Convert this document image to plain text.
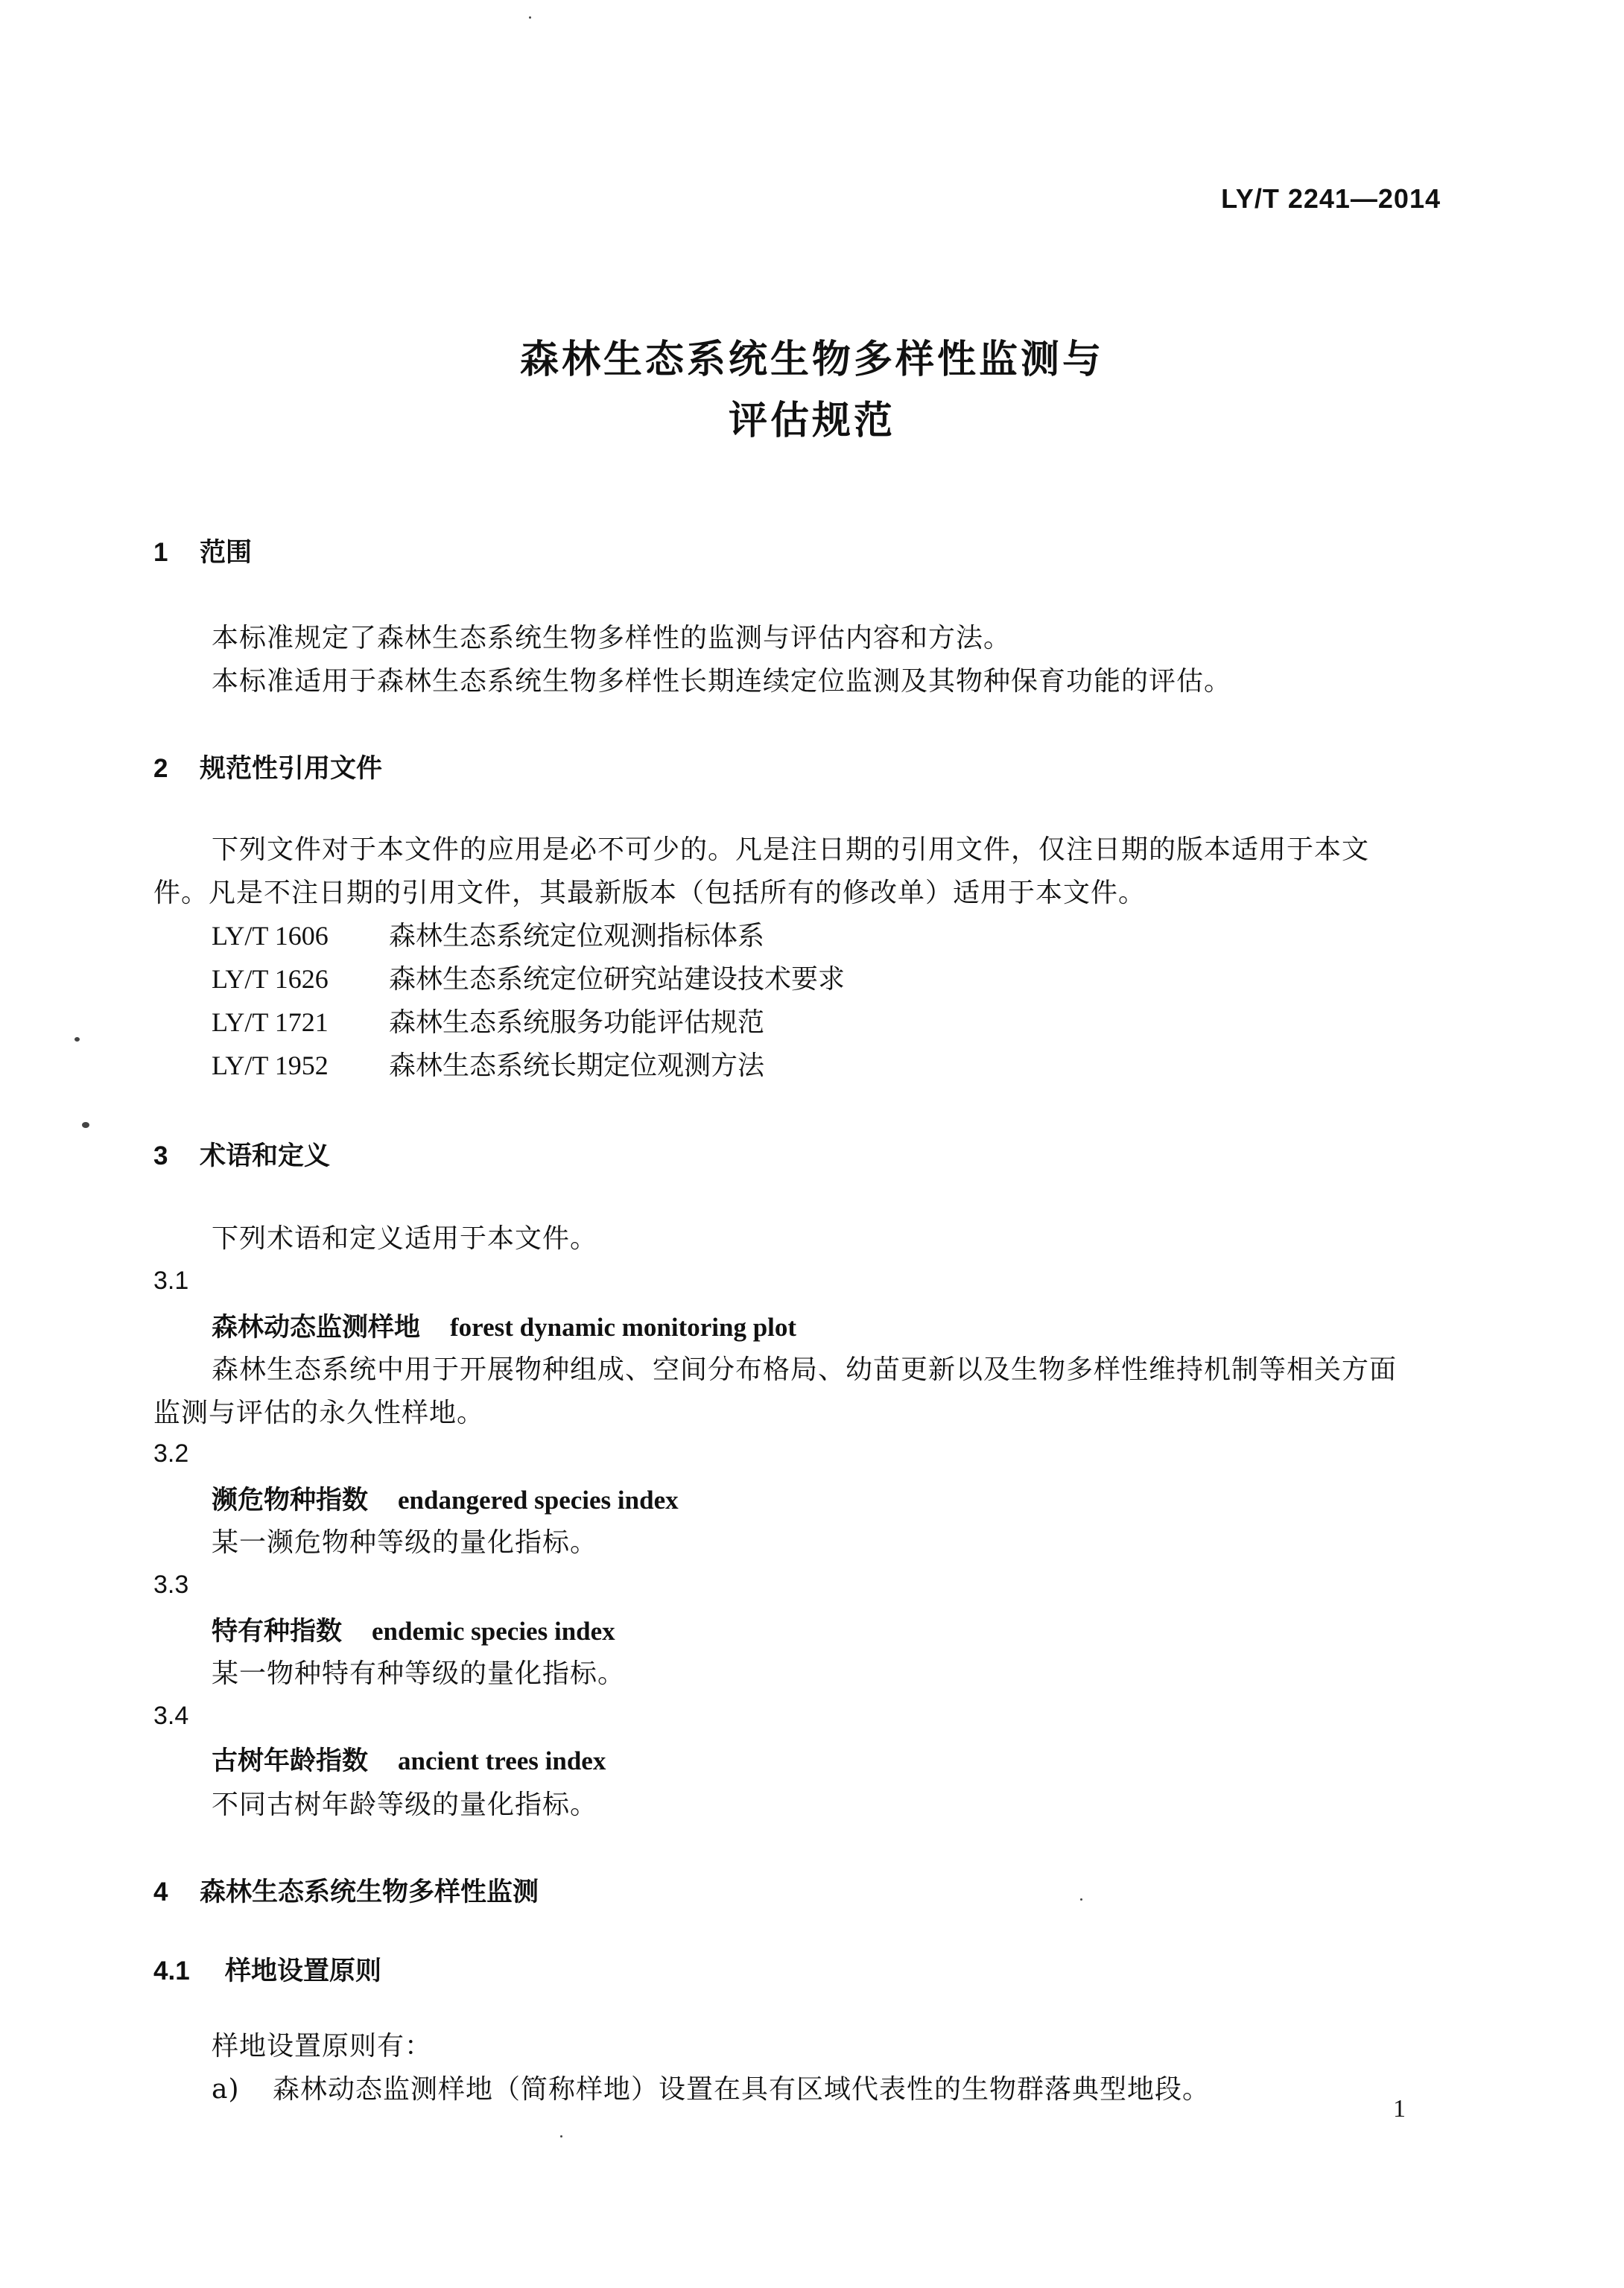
LY/T 2241—2014
森林生态系统生物多样性监测与
评估规范
1 范围
本标准规定了森林生态系统生物多样性的监测与评估内容和方法。
本标准适用于森林生态系统生物多样性长期连续定位监测及其物种保育功能的评估。
2 规范性引用文件
下列文件对于本文件的应用是必不可少的。凡是注日期的引用文件，仅注日期的版本适用于本文
件。凡是不注日期的引用文件，其最新版本（包括所有的修改单）适用于本文件。
LY/T 1606 森林生态系统定位观测指标体系
LY/T 1626 森林生态系统定位研究站建设技术要求
LY/T 1721 森林生态系统服务功能评估规范
LY/T 1952 森林生态系统长期定位观测方法
3 术语和定义
下列术语和定义适用于本文件。
3.1
森林动态监测样地 forest dynamic monitoring plot
森林生态系统中用于开展物种组成、空间分布格局、幼苗更新以及生物多样性维持机制等相关方面
监测与评估的永久性样地。
3.2
濒危物种指数 endangered species index
某一濒危物种等级的量化指标。
3.3
特有种指数 endemic species index
某一物种特有种等级的量化指标。
3.4
古树年龄指数 ancient trees index
不同古树年龄等级的量化指标。
4 森林生态系统生物多样性监测
4.1 样地设置原则
样地设置原则有：
a) 森林动态监测样地（简称样地）设置在具有区域代表性的生物群落典型地段。
1
